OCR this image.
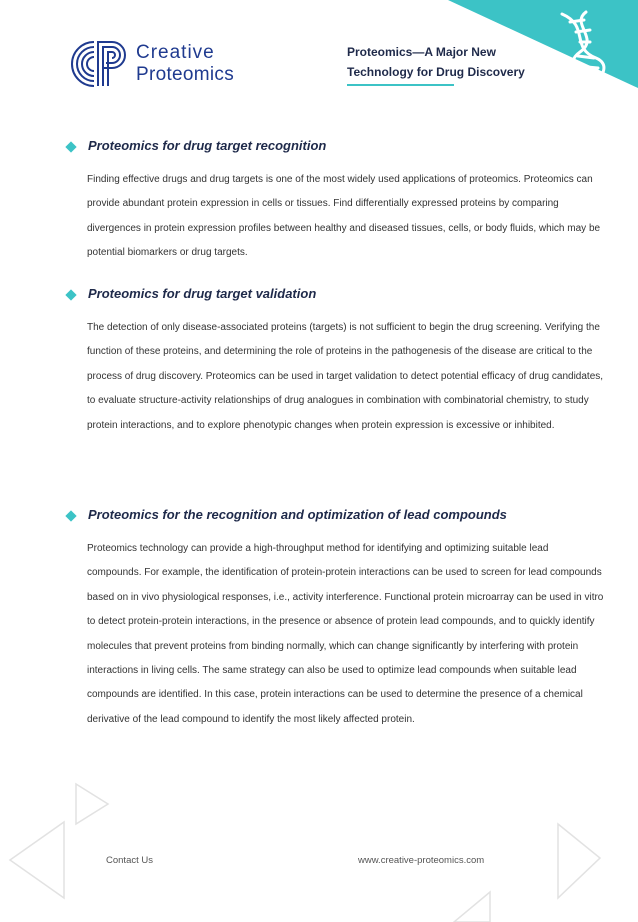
Creative
Proteomics
Proteomics—A Major New
Technology for Drug Discovery
Proteomics for drug target recognition
Finding effective drugs and drug targets is one of the most widely used applications of proteomics. Proteomics can provide abundant protein expression in cells or tissues. Find differentially expressed proteins by comparing divergences in protein expression profiles between healthy and diseased tissues, cells, or body fluids, which may be potential biomarkers or drug targets.
Proteomics for drug target validation
The detection of only disease-associated proteins (targets) is not sufficient to begin the drug screening. Verifying the function of these proteins, and determining the role of proteins in the pathogenesis of the disease are critical to the process of drug discovery. Proteomics can be used in target validation to detect potential efficacy of drug candidates, to evaluate structure-activity relationships of drug analogues in combination with combinatorial chemistry, to study protein interactions, and to explore phenotypic changes when protein expression is excessive or inhibited.
Proteomics for the recognition and optimization of lead compounds
Proteomics technology can provide a high-throughput method for identifying and optimizing suitable lead compounds. For example, the identification of protein-protein interactions can be used to screen for lead compounds based on in vivo physiological responses, i.e., activity interference. Functional protein microarray can be used in vitro to detect protein-protein interactions, in the presence or absence of protein lead compounds, and to quickly identify molecules that prevent proteins from binding normally, which can change significantly by interfering with protein interactions in living cells. The same strategy can also be used to optimize lead compounds when suitable lead compounds are identified. In this case, protein interactions can be used to determine the presence of a chemical derivative of the lead compound to identify the most likely affected protein.
Contact Us	www.creative-proteomics.com
